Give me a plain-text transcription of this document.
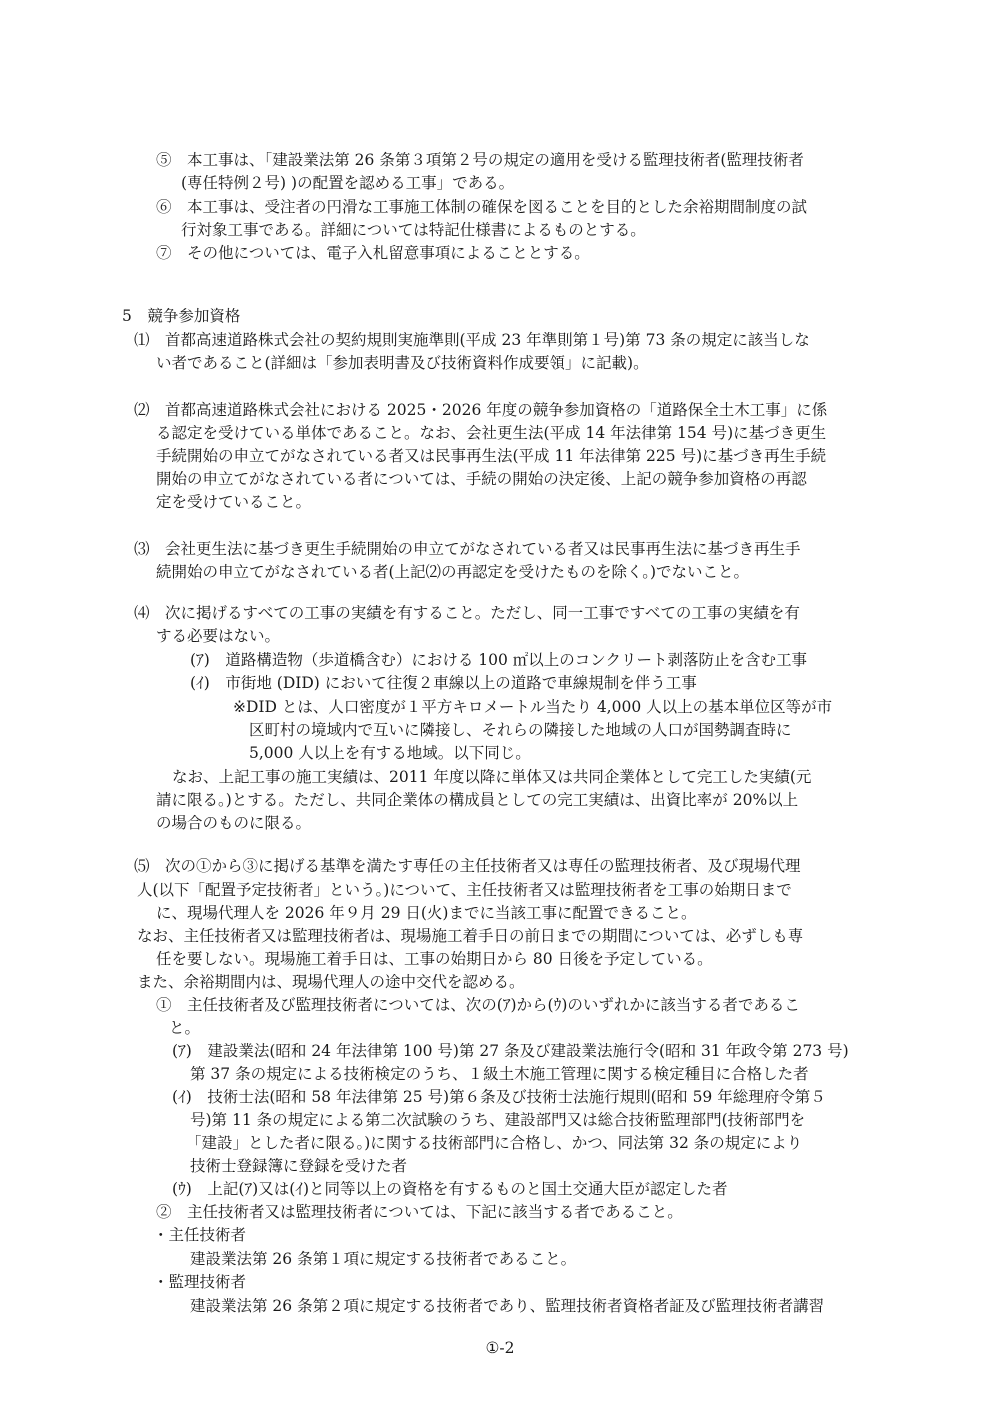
⑤　本工事は、「建設業法第 26 条第３項第２号の規定の適用を受ける監理技術者(監理技術者
(専任特例２号) )の配置を認める工事」である。
⑥　本工事は、受注者の円滑な工事施工体制の確保を図ることを目的とした余裕期間制度の試
行対象工事である。詳細については特記仕様書によるものとする。
⑦　その他については、電子入札留意事項によることとする。
5　競争参加資格
⑴　首都高速道路株式会社の契約規則実施準則(平成 23 年準則第１号)第 73 条の規定に該当しな
い者であること(詳細は「参加表明書及び技術資料作成要領」に記載)。
⑵　首都高速道路株式会社における 2025・2026 年度の競争参加資格の「道路保全土木工事」に係
る認定を受けている単体であること。なお、会社更生法(平成 14 年法律第 154 号)に基づき更生
手続開始の申立てがなされている者又は民事再生法(平成 11 年法律第 225 号)に基づき再生手続
開始の申立てがなされている者については、手続の開始の決定後、上記の競争参加資格の再認
定を受けていること。
⑶　会社更生法に基づき更生手続開始の申立てがなされている者又は民事再生法に基づき再生手
続開始の申立てがなされている者(上記⑵の再認定を受けたものを除く。)でないこと。
⑷　次に掲げるすべての工事の実績を有すること。ただし、同一工事ですべての工事の実績を有
する必要はない。
(ｱ)　道路構造物（歩道橋含む）における 100 ㎡以上のコンクリート剥落防止を含む工事
(ｲ)　市街地 (DID) において往復２車線以上の道路で車線規制を伴う工事
※DID とは、人口密度が１平方キロメートル当たり 4,000 人以上の基本単位区等が市
区町村の境域内で互いに隣接し、それらの隣接した地域の人口が国勢調査時に
5,000 人以上を有する地域。以下同じ。
なお、上記工事の施工実績は、2011 年度以降に単体又は共同企業体として完工した実績(元
請に限る。)とする。ただし、共同企業体の構成員としての完工実績は、出資比率が 20%以上
の場合のものに限る。
⑸　次の①から③に掲げる基準を満たす専任の主任技術者又は専任の監理技術者、及び現場代理
人(以下「配置予定技術者」という。)について、主任技術者又は監理技術者を工事の始期日まで
に、現場代理人を 2026 年９月 29 日(火)までに当該工事に配置できること。
なお、主任技術者又は監理技術者は、現場施工着手日の前日までの期間については、必ずしも専
任を要しない。現場施工着手日は、工事の始期日から 80 日後を予定している。
また、余裕期間内は、現場代理人の途中交代を認める。
①　主任技術者及び監理技術者については、次の(ｱ)から(ｳ)のいずれかに該当する者であるこ
と。
(ｱ)　建設業法(昭和 24 年法律第 100 号)第 27 条及び建設業法施行令(昭和 31 年政令第 273 号)
第 37 条の規定による技術検定のうち、１級土木施工管理に関する検定種目に合格した者
(ｲ)　技術士法(昭和 58 年法律第 25 号)第６条及び技術士法施行規則(昭和 59 年総理府令第５
号)第 11 条の規定による第二次試験のうち、建設部門又は総合技術監理部門(技術部門を
「建設」とした者に限る。)に関する技術部門に合格し、かつ、同法第 32 条の規定により
技術士登録簿に登録を受けた者
(ｳ)　上記(ｱ)又は(ｲ)と同等以上の資格を有するものと国土交通大臣が認定した者
②　主任技術者又は監理技術者については、下記に該当する者であること。
・主任技術者
建設業法第 26 条第１項に規定する技術者であること。
・監理技術者
建設業法第 26 条第２項に規定する技術者であり、監理技術者資格者証及び監理技術者講習
①-2
